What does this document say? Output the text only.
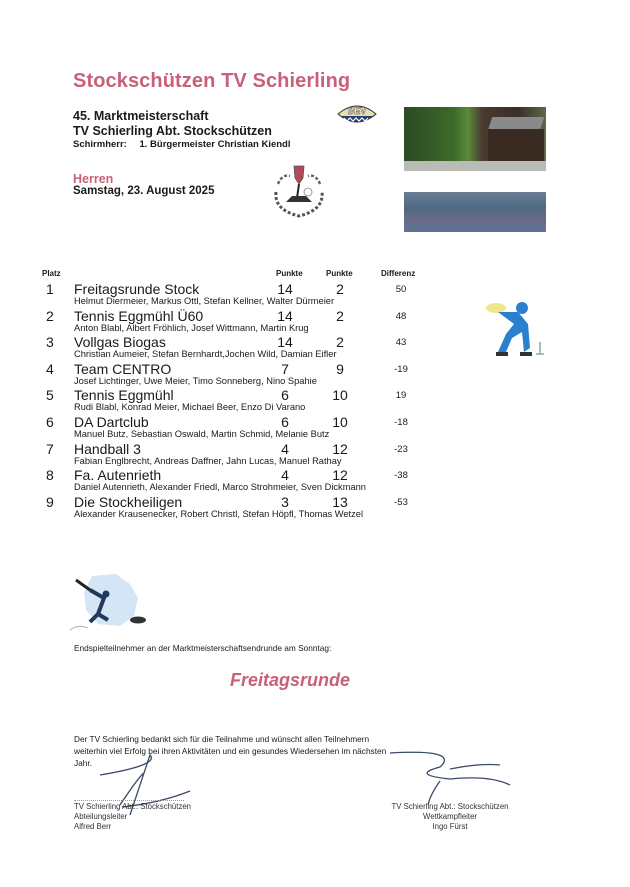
Stockschützen TV Schierling
45. Marktmeisterschaft
TV Schierling Abt. Stockschützen
Schirmherr: 1. Bürgermeister Christian Kiendl
Herren
Samstag, 23. August 2025
BEV
Platz	Punkte	Punkte	Differenz
1 Freitagsrunde Stock	14	2	50
Helmut Diermeier, Markus Ottl, Stefan Kellner, Walter Dürmeier
2 Tennis Eggmühl Ü60	14	2	48
Anton Blabl, Albert Fröhlich, Josef Wittmann, Martin Krug
3 Vollgas Biogas	14	2	43
Christian Aumeier, Stefan Bernhardt,Jochen Wild, Damian Eifler
4 Team CENTRO	7	9	-19
Josef Lichtinger, Uwe Meier, Timo Sonneberg, Nino Spahie
5 Tennis Eggmühl	6	10	19
Rudi Blabl, Konrad Meier, Michael Beer, Enzo Di Varano
6 DA Dartclub	6	10	-18
Manuel Butz, Sebastian Oswald, Martin Schmid, Melanie Butz
7 Handball 3	4	12	-23
Fabian Englbrecht, Andreas Daffner, Jahn Lucas, Manuel Rathay
8 Fa. Autenrieth	4	12	-38
Daniel Autenrieth, Alexander Friedl, Marco Strohmeier, Sven Dickmann
9 Die Stockheiligen	3	13	-53
Alexander Krausenecker, Robert Christl, Stefan Höpfl, Thomas Wetzel
Endspielteilnehmer an der Marktmeisterschaftsendrunde am Sonntag:
Freitagsrunde
Der TV Schierling bedankt sich für die Teilnahme und wünscht allen Teilnehmern weiterhin viel Erfolg bei ihren Aktivitäten und ein gesundes Wiedersehen im nächsten Jahr.
TV Schierling Abt.: Stockschützen
Abteilungsleiter
Alfred Berr
TV Schierling Abt.: Stockschützen
Wettkampfleiter
Ingo Fürst
